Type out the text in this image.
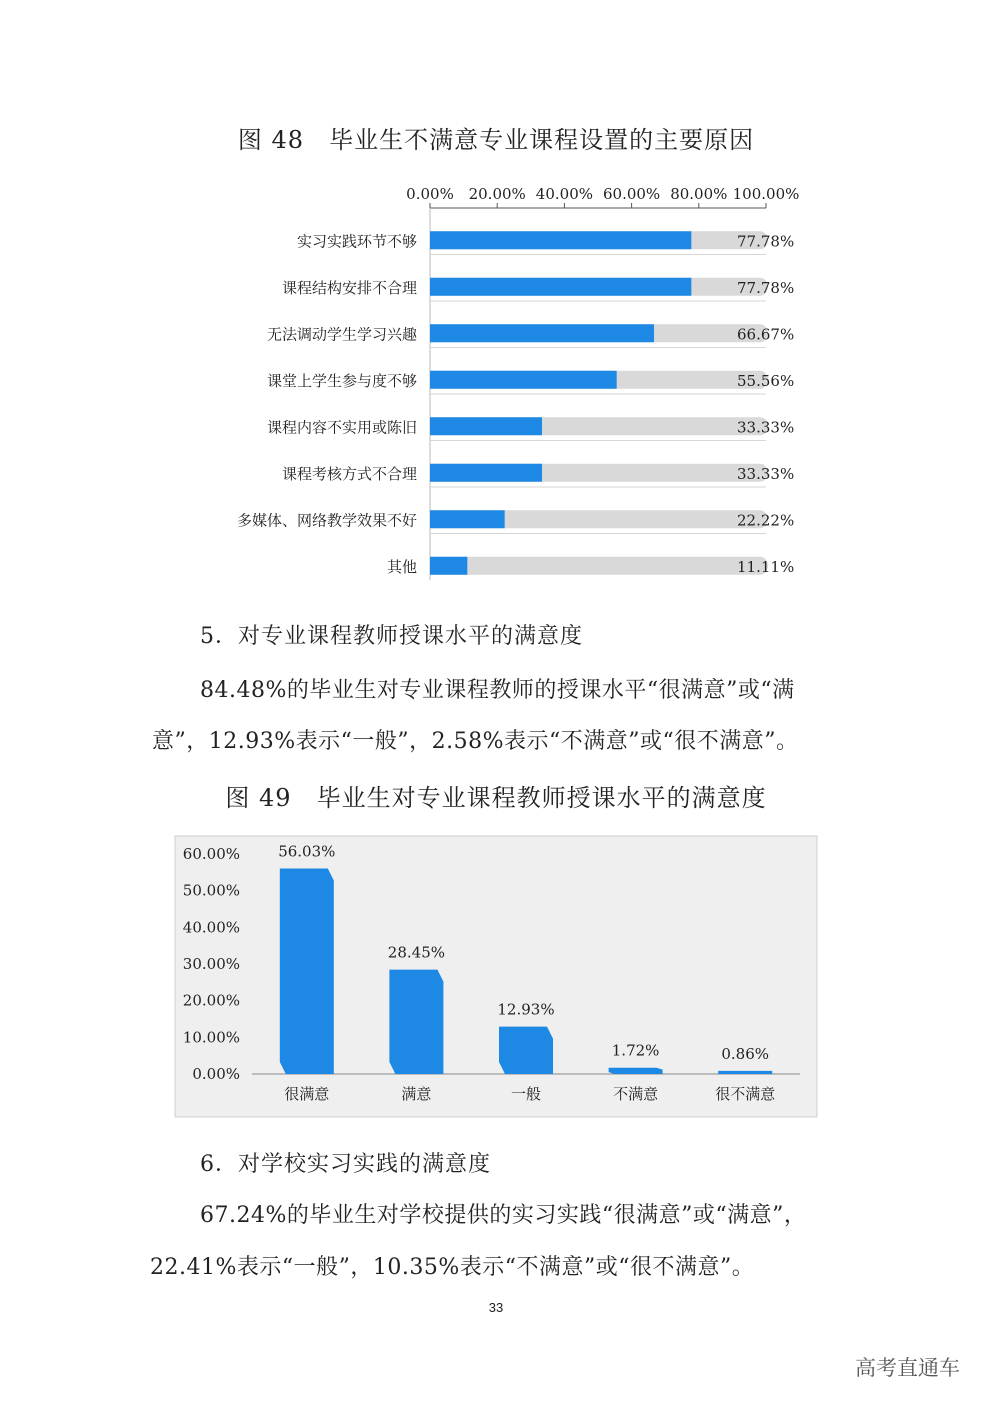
图 48　毕业生不满意专业课程设置的主要原因
0.00% 20.00% 40.00% 60.00% 80.00% 100.00%
实习实践环节不够	77.78%
课程结构安排不合理	77.78%
无法调动学生学习兴趣	66.67%
课堂上学生参与度不够	55.56%
课程内容不实用或陈旧	33.33%
课程考核方式不合理	33.33%
多媒体、网络教学效果不好	22.22%
其他	11.11%
5．对专业课程教师授课水平的满意度
84.48%的毕业生对专业课程教师的授课水平“很满意”或“满
意”，12.93%表示“一般”，2.58%表示“不满意”或“很不满意”。
图 49　毕业生对专业课程教师授课水平的满意度
60.00%
50.00%
40.00%
30.00%
20.00%
10.00%
0.00%
56.03%
很满意
28.45%
满意
12.93%
一般
1.72%
不满意
0.86%
很不满意
6．对学校实习实践的满意度
67.24%的毕业生对学校提供的实习实践“很满意”或“满意”，
22.41%表示“一般”，10.35%表示“不满意”或“很不满意”。
33
高考直通车
